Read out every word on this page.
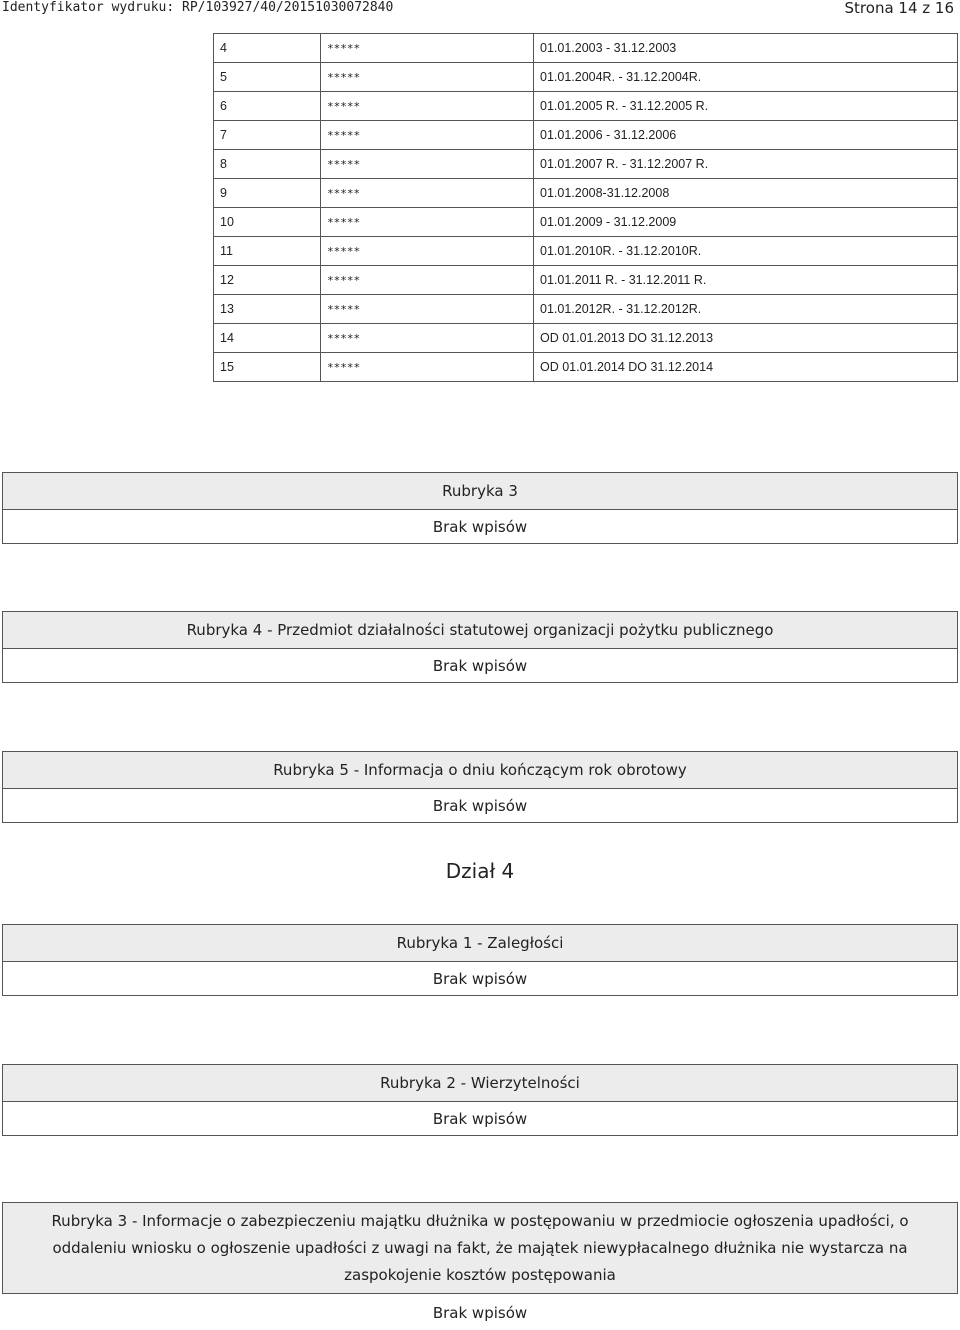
Identyfikator wydruku: RP/103927/40/20151030072840	Strona 14 z 16
4	*****	01.01.2003 - 31.12.2003
5	*****	01.01.2004R. - 31.12.2004R.
6	*****	01.01.2005 R. - 31.12.2005 R.
7	*****	01.01.2006 - 31.12.2006
8	*****	01.01.2007 R. - 31.12.2007 R.
9	*****	01.01.2008-31.12.2008
10	*****	01.01.2009 - 31.12.2009
11	*****	01.01.2010R. - 31.12.2010R.
12	*****	01.01.2011 R. - 31.12.2011 R.
13	*****	01.01.2012R. - 31.12.2012R.
14	*****	OD 01.01.2013 DO 31.12.2013
15	*****	OD 01.01.2014 DO 31.12.2014
Rubryka 3
Brak wpisów
Rubryka 4 - Przedmiot działalności statutowej organizacji pożytku publicznego
Brak wpisów
Rubryka 5 - Informacja o dniu kończącym rok obrotowy
Brak wpisów
Dział 4
Rubryka 1 - Zaległości
Brak wpisów
Rubryka 2 - Wierzytelności
Brak wpisów
Rubryka 3 - Informacje o zabezpieczeniu majątku dłużnika w postępowaniu w przedmiocie ogłoszenia upadłości, o oddaleniu wniosku o ogłoszenie upadłości z uwagi na fakt, że majątek niewypłacalnego dłużnika nie wystarcza na zaspokojenie kosztów postępowania
Brak wpisów
